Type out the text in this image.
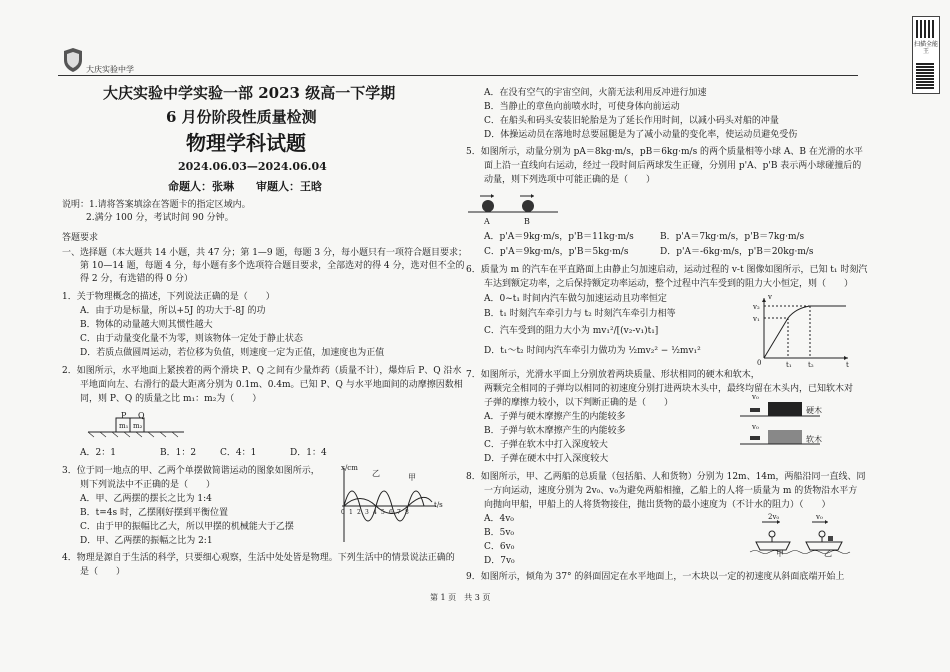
大庆实验中学
扫描全能王
大庆实验中学实验一部 2023 级高一下学期
6 月份阶段性质量检测
物理学科试题
2024.06.03—2024.06.04
命题人：张琳　　审题人：王晗
说明：1.请将答案填涂在答题卡的指定区域内。
2.满分 100 分，考试时间 90 分钟。
答题要求
一、选择题（本大题共 14 小题，共 47 分；第 1—9 题，每题 3 分，每小题只有一项符合题目要求；
第 10—14 题，每题 4 分，每小题有多个选项符合题目要求，全部选对的得 4 分，选对但不全的
得 2 分，有选错的得 0 分）
1．关于物理概念的描述，下列说法正确的是（　　）
A．由于功是标量，所以+5J 的功大于-8J 的功
B．物体的动量越大则其惯性越大
C．由于动量变化量不为零，则该物体一定处于静止状态
D．若质点做圆周运动，若位移为负值，则速度一定为正值，加速度也为正值
2．如图所示，水平地面上紧挨着的两个滑块 P、Q 之间有少量炸药（质量不计），爆炸后 P、Q 沿水
平地面向左、右滑行的最大距离分别为 0.1m、0.4m。已知 P、Q 与水平地面间的动摩擦因数相
同，则 P、Q 的质量之比 m₁：m₂为（　　）
P Q
m₁ m₂
A．2：1	B．1：2	C．4：1	D．1：4
3．位于同一地点的甲、乙两个单摆做简谐运动的图象如图所示，
则下列说法中不正确的是（　　）
A．甲、乙两摆的摆长之比为 1:4
B．t=4s 时，乙摆刚好摆到平衡位置
C．由于甲的振幅比乙大，所以甲摆的机械能大于乙摆
D．甲、乙两摆的振幅之比为 2:1
x/cm
t/s
乙	甲
4．物理是源自于生活的科学，只要细心观察，生活中处处皆是物理。下列生活中的情景说法正确的
是（　　）
第 1 页　共 3 页
A．在没有空气的宇宙空间，火箭无法利用反冲进行加速
B．当静止的章鱼向前喷水时，可使身体向前运动
C．在船头和码头安装旧轮胎是为了延长作用时间，以减小码头对船的冲量
D．体操运动员在落地时总要屈腿是为了减小动量的变化率，使运动员避免受伤
5．如图所示，动量分别为 pA＝8kg·m/s，pB＝6kg·m/s 的两个质量相等小球 A、B 在光滑的水平
面上沿一直线向右运动，经过一段时间后两球发生正碰，分别用 p'A、p'B 表示两小球碰撞后的
动量，则下列选项中可能正确的是（　　）
A	B
A．p'A＝9kg·m/s，p'B＝11kg·m/s	B．p'A＝7kg·m/s，p'B＝7kg·m/s
C．p'A＝9kg·m/s，p'B＝5kg·m/s	D．p'A＝-6kg·m/s，p'B＝20kg·m/s
6．质量为 m 的汽车在平直路面上由静止匀加速启动，运动过程的 v-t 图像如图所示，已知 t₁ 时刻汽
车达到额定功率，之后保持额定功率运动，整个过程中汽车受到的阻力大小恒定，则（　　）
A．0~t₁ 时间内汽车做匀加速运动且功率恒定
B．t₁ 时刻汽车牵引力与 t₂ 时刻汽车牵引力相等
C．汽车受到的阻力大小为 mv₁²/[(v₂-v₁)t₁]
D．t₁～t₂ 时间内汽车牵引力做功为 ½mv₂² − ½mv₁²
v
v₂
v₁
0	t₁ t₂	t
7．如图所示，光滑水平面上分别放着两块质量、形状相同的硬木和软木，
两颗完全相同的子弹均以相同的初速度分别打进两块木头中，最终均留在木头内，已知软木对
子弹的摩擦力较小，以下判断正确的是（　　）
A．子弹与硬木摩擦产生的内能较多
B．子弹与软木摩擦产生的内能较多
C．子弹在软木中打入深度较大
D．子弹在硬木中打入深度较大
v₀
硬木
v₀
软木
8．如图所示，甲、乙两船的总质量（包括船、人和货物）分别为 12m、14m，两船沿同一直线、同
一方向运动，速度分别为 2v₀、v₀为避免两船相撞，乙船上的人将一质量为 m 的货物沿水平方
向抛向甲船，甲船上的人将货物接住，抛出货物的最小速度为（不计水的阻力）（　　）
A．4v₀
B．5v₀
C．6v₀
D．7v₀
2v₀	v₀
甲	乙
9．如图所示，倾角为 37° 的斜面固定在水平地面上，一木块以一定的初速度从斜面底端开始上
0 1 2 3 4 5 6 7 8
